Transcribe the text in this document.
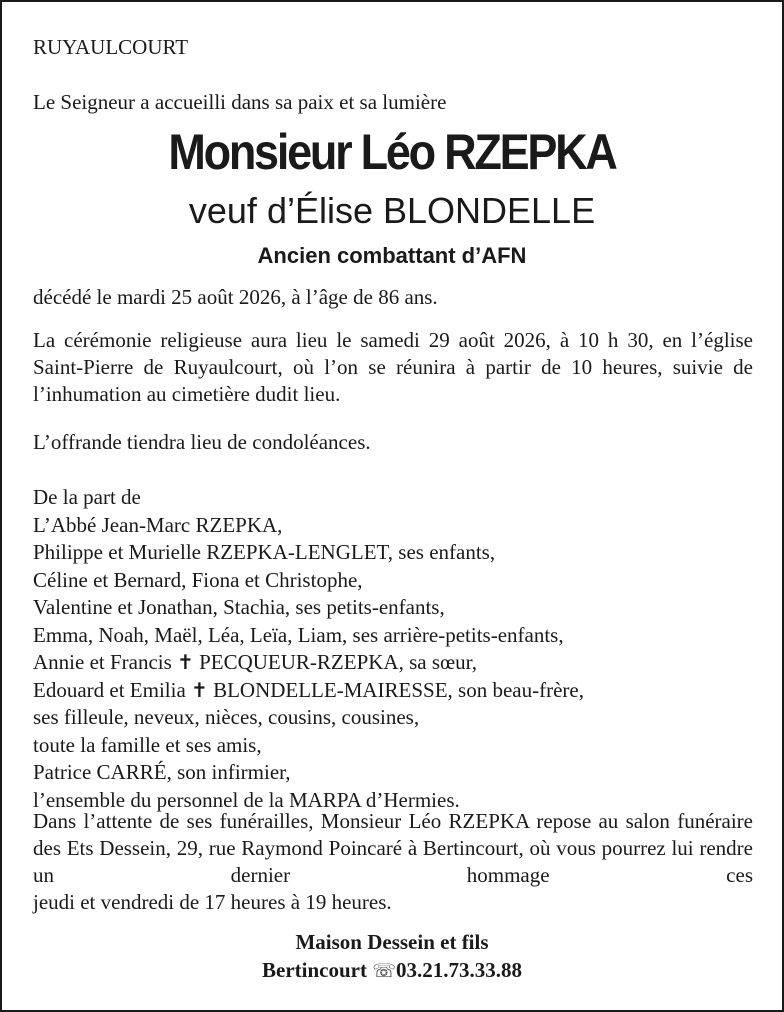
RUYAULCOURT

Le Seigneur a accueilli dans sa paix et sa lumière

Monsieur Léo RZEPKA

veuf d’Élise BLONDELLE

Ancien combattant d’AFN

décédé le mardi 25 août 2026, à l’âge de 86 ans.

La cérémonie religieuse aura lieu le samedi 29 août 2026, à 10 h 30, en l’église Saint-Pierre de Ruyaulcourt, où l’on se réunira à partir de 10 heures, suivie de l’inhumation au cimetière dudit lieu.

L’offrande tiendra lieu de condoléances.

De la part de
L’Abbé Jean-Marc RZEPKA,
Philippe et Murielle RZEPKA-LENGLET, ses enfants,
Céline et Bernard, Fiona et Christophe,
Valentine et Jonathan, Stachia, ses petits-enfants,
Emma, Noah, Maël, Léa, Leïa, Liam, ses arrière-petits-enfants,
Annie et Francis ✝ PECQUEUR-RZEPKA, sa sœur,
Edouard et Emilia ✝ BLONDELLE-MAIRESSE, son beau-frère,
ses filleule, neveux, nièces, cousins, cousines,
toute la famille et ses amis,
Patrice CARRÉ, son infirmier,
l’ensemble du personnel de la MARPA d’Hermies.
Dans l’attente de ses funérailles, Monsieur Léo RZEPKA repose au salon funéraire des Ets Dessein, 29, rue Raymond Poincaré à Bertincourt, où vous pourrez lui rendre un dernier hommage ces
jeudi et vendredi de 17 heures à 19 heures.

Maison Dessein et fils

Bertincourt ☏03.21.73.33.88
